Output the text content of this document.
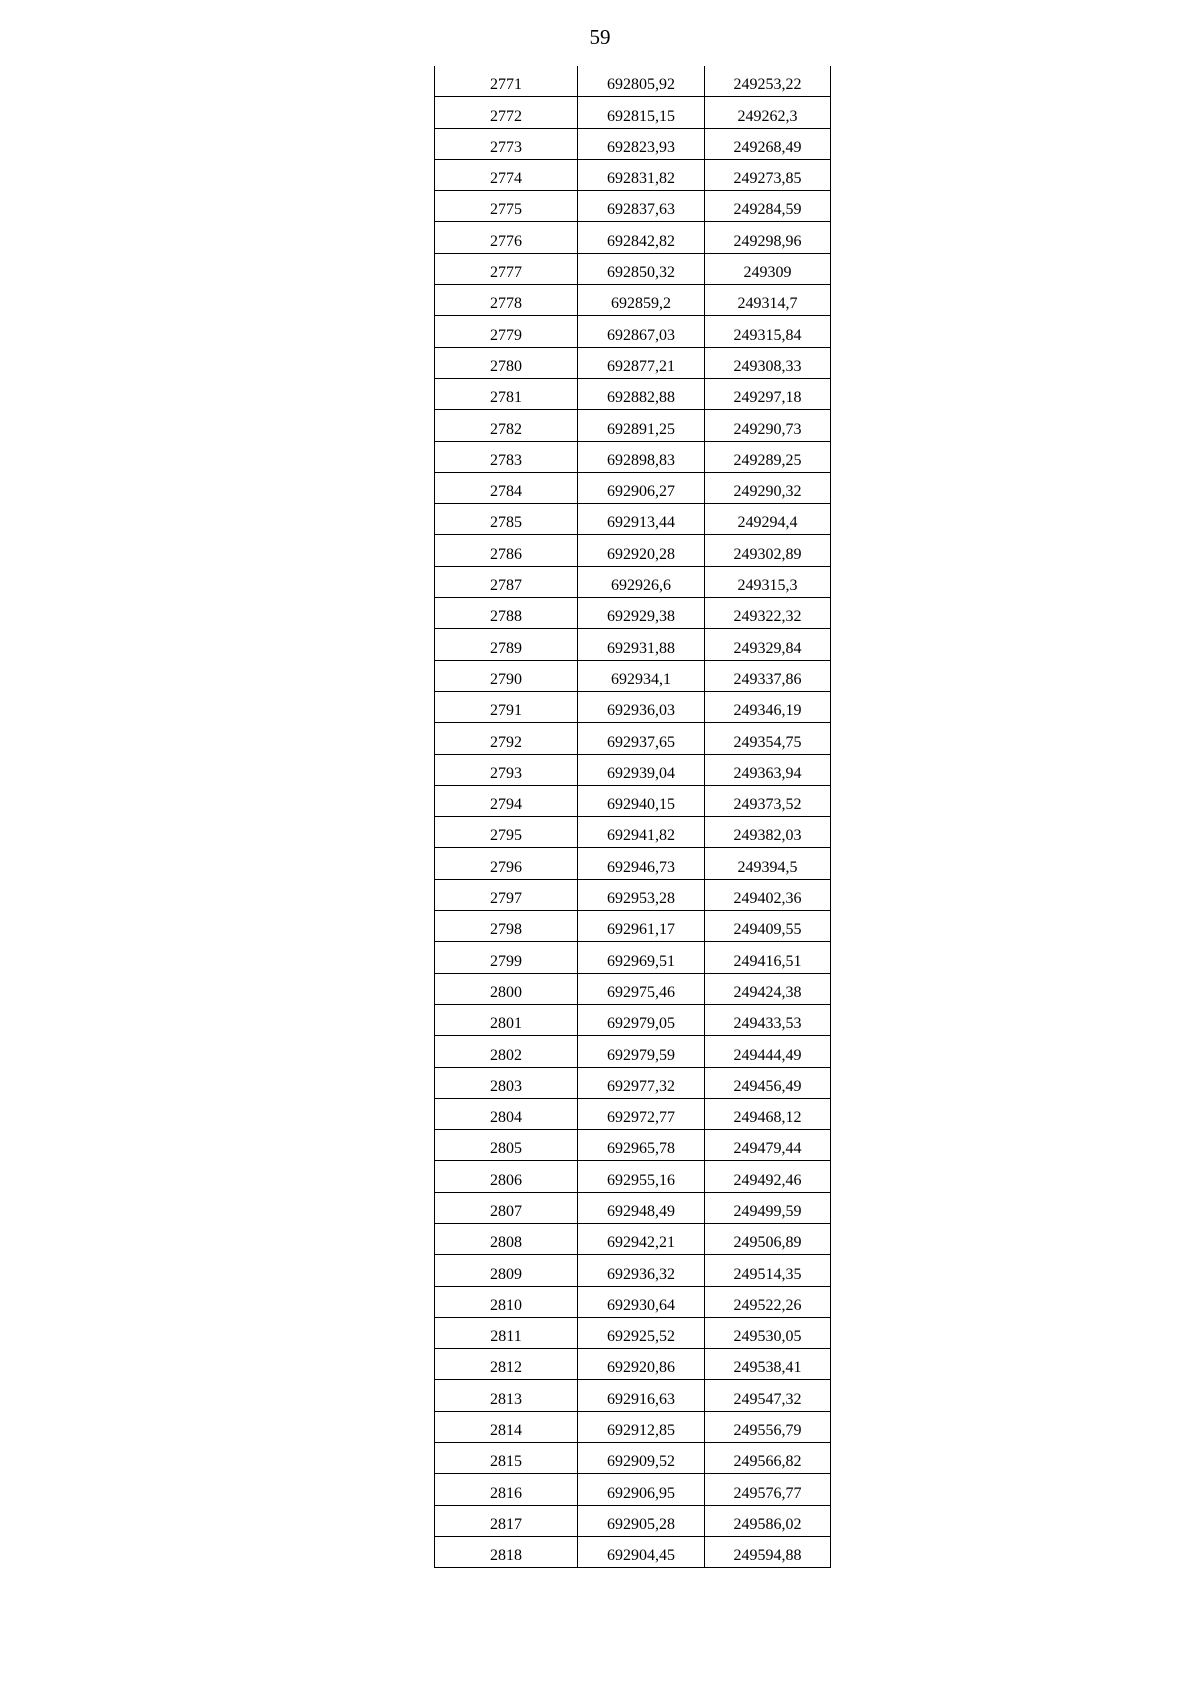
59
2771	692805,92	249253,22
2772	692815,15	249262,3
2773	692823,93	249268,49
2774	692831,82	249273,85
2775	692837,63	249284,59
2776	692842,82	249298,96
2777	692850,32	249309
2778	692859,2	249314,7
2779	692867,03	249315,84
2780	692877,21	249308,33
2781	692882,88	249297,18
2782	692891,25	249290,73
2783	692898,83	249289,25
2784	692906,27	249290,32
2785	692913,44	249294,4
2786	692920,28	249302,89
2787	692926,6	249315,3
2788	692929,38	249322,32
2789	692931,88	249329,84
2790	692934,1	249337,86
2791	692936,03	249346,19
2792	692937,65	249354,75
2793	692939,04	249363,94
2794	692940,15	249373,52
2795	692941,82	249382,03
2796	692946,73	249394,5
2797	692953,28	249402,36
2798	692961,17	249409,55
2799	692969,51	249416,51
2800	692975,46	249424,38
2801	692979,05	249433,53
2802	692979,59	249444,49
2803	692977,32	249456,49
2804	692972,77	249468,12
2805	692965,78	249479,44
2806	692955,16	249492,46
2807	692948,49	249499,59
2808	692942,21	249506,89
2809	692936,32	249514,35
2810	692930,64	249522,26
2811	692925,52	249530,05
2812	692920,86	249538,41
2813	692916,63	249547,32
2814	692912,85	249556,79
2815	692909,52	249566,82
2816	692906,95	249576,77
2817	692905,28	249586,02
2818	692904,45	249594,88
